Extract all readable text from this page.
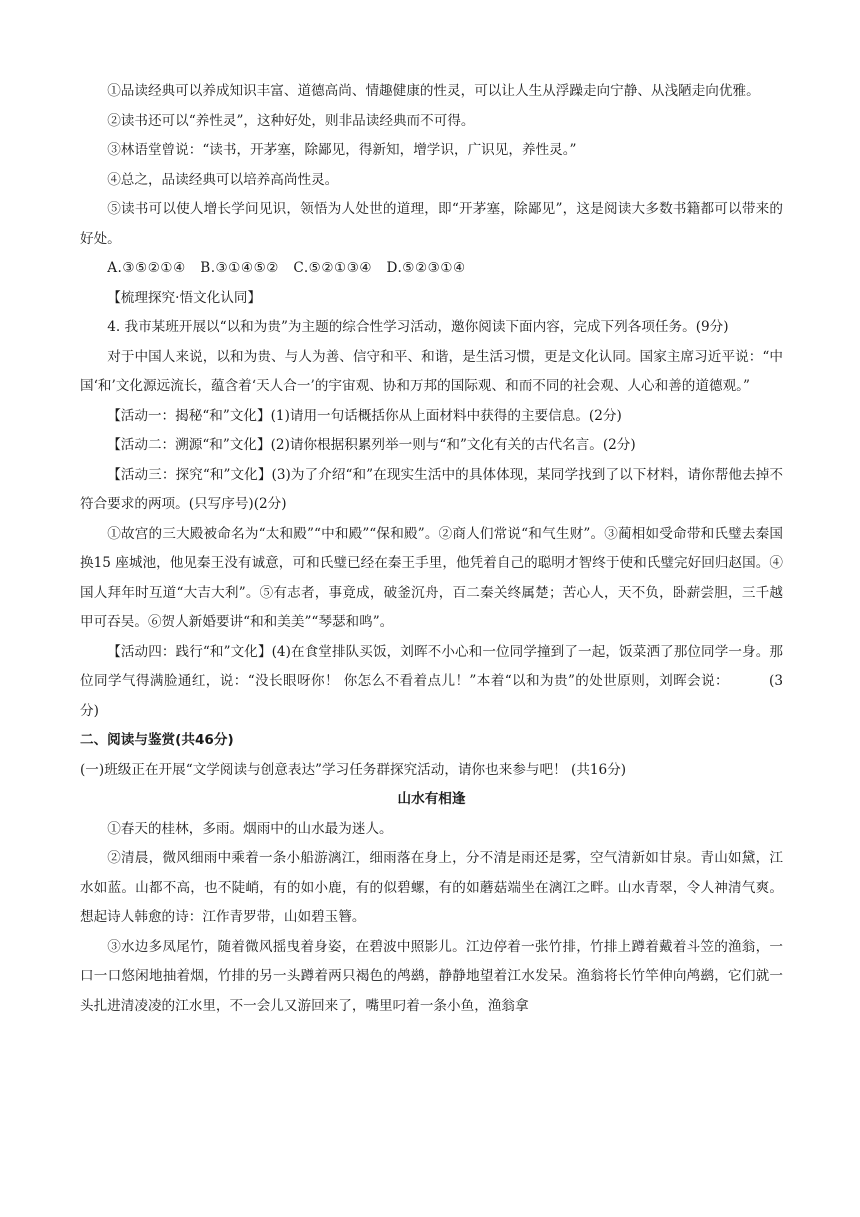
①品读经典可以养成知识丰富、道德高尚、情趣健康的性灵，可以让人生从浮躁走向宁静、从浅陋走向优雅。

②读书还可以“养性灵”，这种好处，则非品读经典而不可得。

③林语堂曾说：“读书，开茅塞，除鄙见，得新知，增学识，广识见，养性灵。”

④总之，品读经典可以培养高尚性灵。

⑤读书可以使人增长学问见识，领悟为人处世的道理，即“开茅塞，除鄙见”，这是阅读大多数书籍都可以带来的好处。

A.③⑤②①④   B.③①④⑤②   C.⑤②①③④   D.⑤②③①④

【梳理探究·悟文化认同】

4. 我市某班开展以“以和为贵”为主题的综合性学习活动，邀你阅读下面内容，完成下列各项任务。(9分)

对于中国人来说，以和为贵、与人为善、信守和平、和谐，是生活习惯，更是文化认同。国家主席习近平说：“中国‘和’文化源远流长，蕴含着‘天人合一’的宇宙观、协和万邦的国际观、和而不同的社会观、人心和善的道德观。”

【活动一：揭秘“和”文化】(1)请用一句话概括你从上面材料中获得的主要信息。(2分)

【活动二：溯源“和”文化】(2)请你根据积累列举一则与“和”文化有关的古代名言。(2分)

【活动三：探究“和”文化】(3)为了介绍“和”在现实生活中的具体体现，某同学找到了以下材料，请你帮他去掉不符合要求的两项。(只写序号)(2分)

①故宫的三大殿被命名为“太和殿”“中和殿”“保和殿”。②商人们常说“和气生财”。③蔺相如受命带和氏璧去秦国换15 座城池，他见秦王没有诚意，可和氏璧已经在秦王手里，他凭着自己的聪明才智终于使和氏璧完好回归赵国。④国人拜年时互道“大吉大利”。⑤有志者，事竟成，破釜沉舟，百二秦关终属楚；苦心人，天不负，卧薪尝胆，三千越甲可吞吴。⑥贺人新婚要讲“和和美美”“琴瑟和鸣”。

【活动四：践行“和”文化】(4)在食堂排队买饭，刘晖不小心和一位同学撞到了一起，饭菜洒了那位同学一身。那位同学气得满脸通红，说：“没长眼呀你！ 你怎么不看着点儿！”本着“以和为贵”的处世原则，刘晖会说：	(3分)

二、阅读与鉴赏(共46分)

(一)班级正在开展“文学阅读与创意表达”学习任务群探究活动，请你也来参与吧！ (共16分)

山水有相逢

①春天的桂林，多雨。烟雨中的山水最为迷人。

②清晨，微风细雨中乘着一条小船游漓江，细雨落在身上，分不清是雨还是雾，空气清新如甘泉。青山如黛，江水如蓝。山都不高，也不陡峭，有的如小鹿，有的似碧螺，有的如蘑菇端坐在漓江之畔。山水青翠，令人神清气爽。想起诗人韩愈的诗：江作青罗带，山如碧玉簪。

③水边多凤尾竹，随着微风摇曳着身姿，在碧波中照影儿。江边停着一张竹排，竹排上蹲着戴着斗笠的渔翁，一口一口悠闲地抽着烟，竹排的另一头蹲着两只褐色的鸬鹚，静静地望着江水发呆。渔翁将长竹竿伸向鸬鹚，它们就一头扎进清凌凌的江水里，不一会儿又游回来了，嘴里叼着一条小鱼，渔翁拿
